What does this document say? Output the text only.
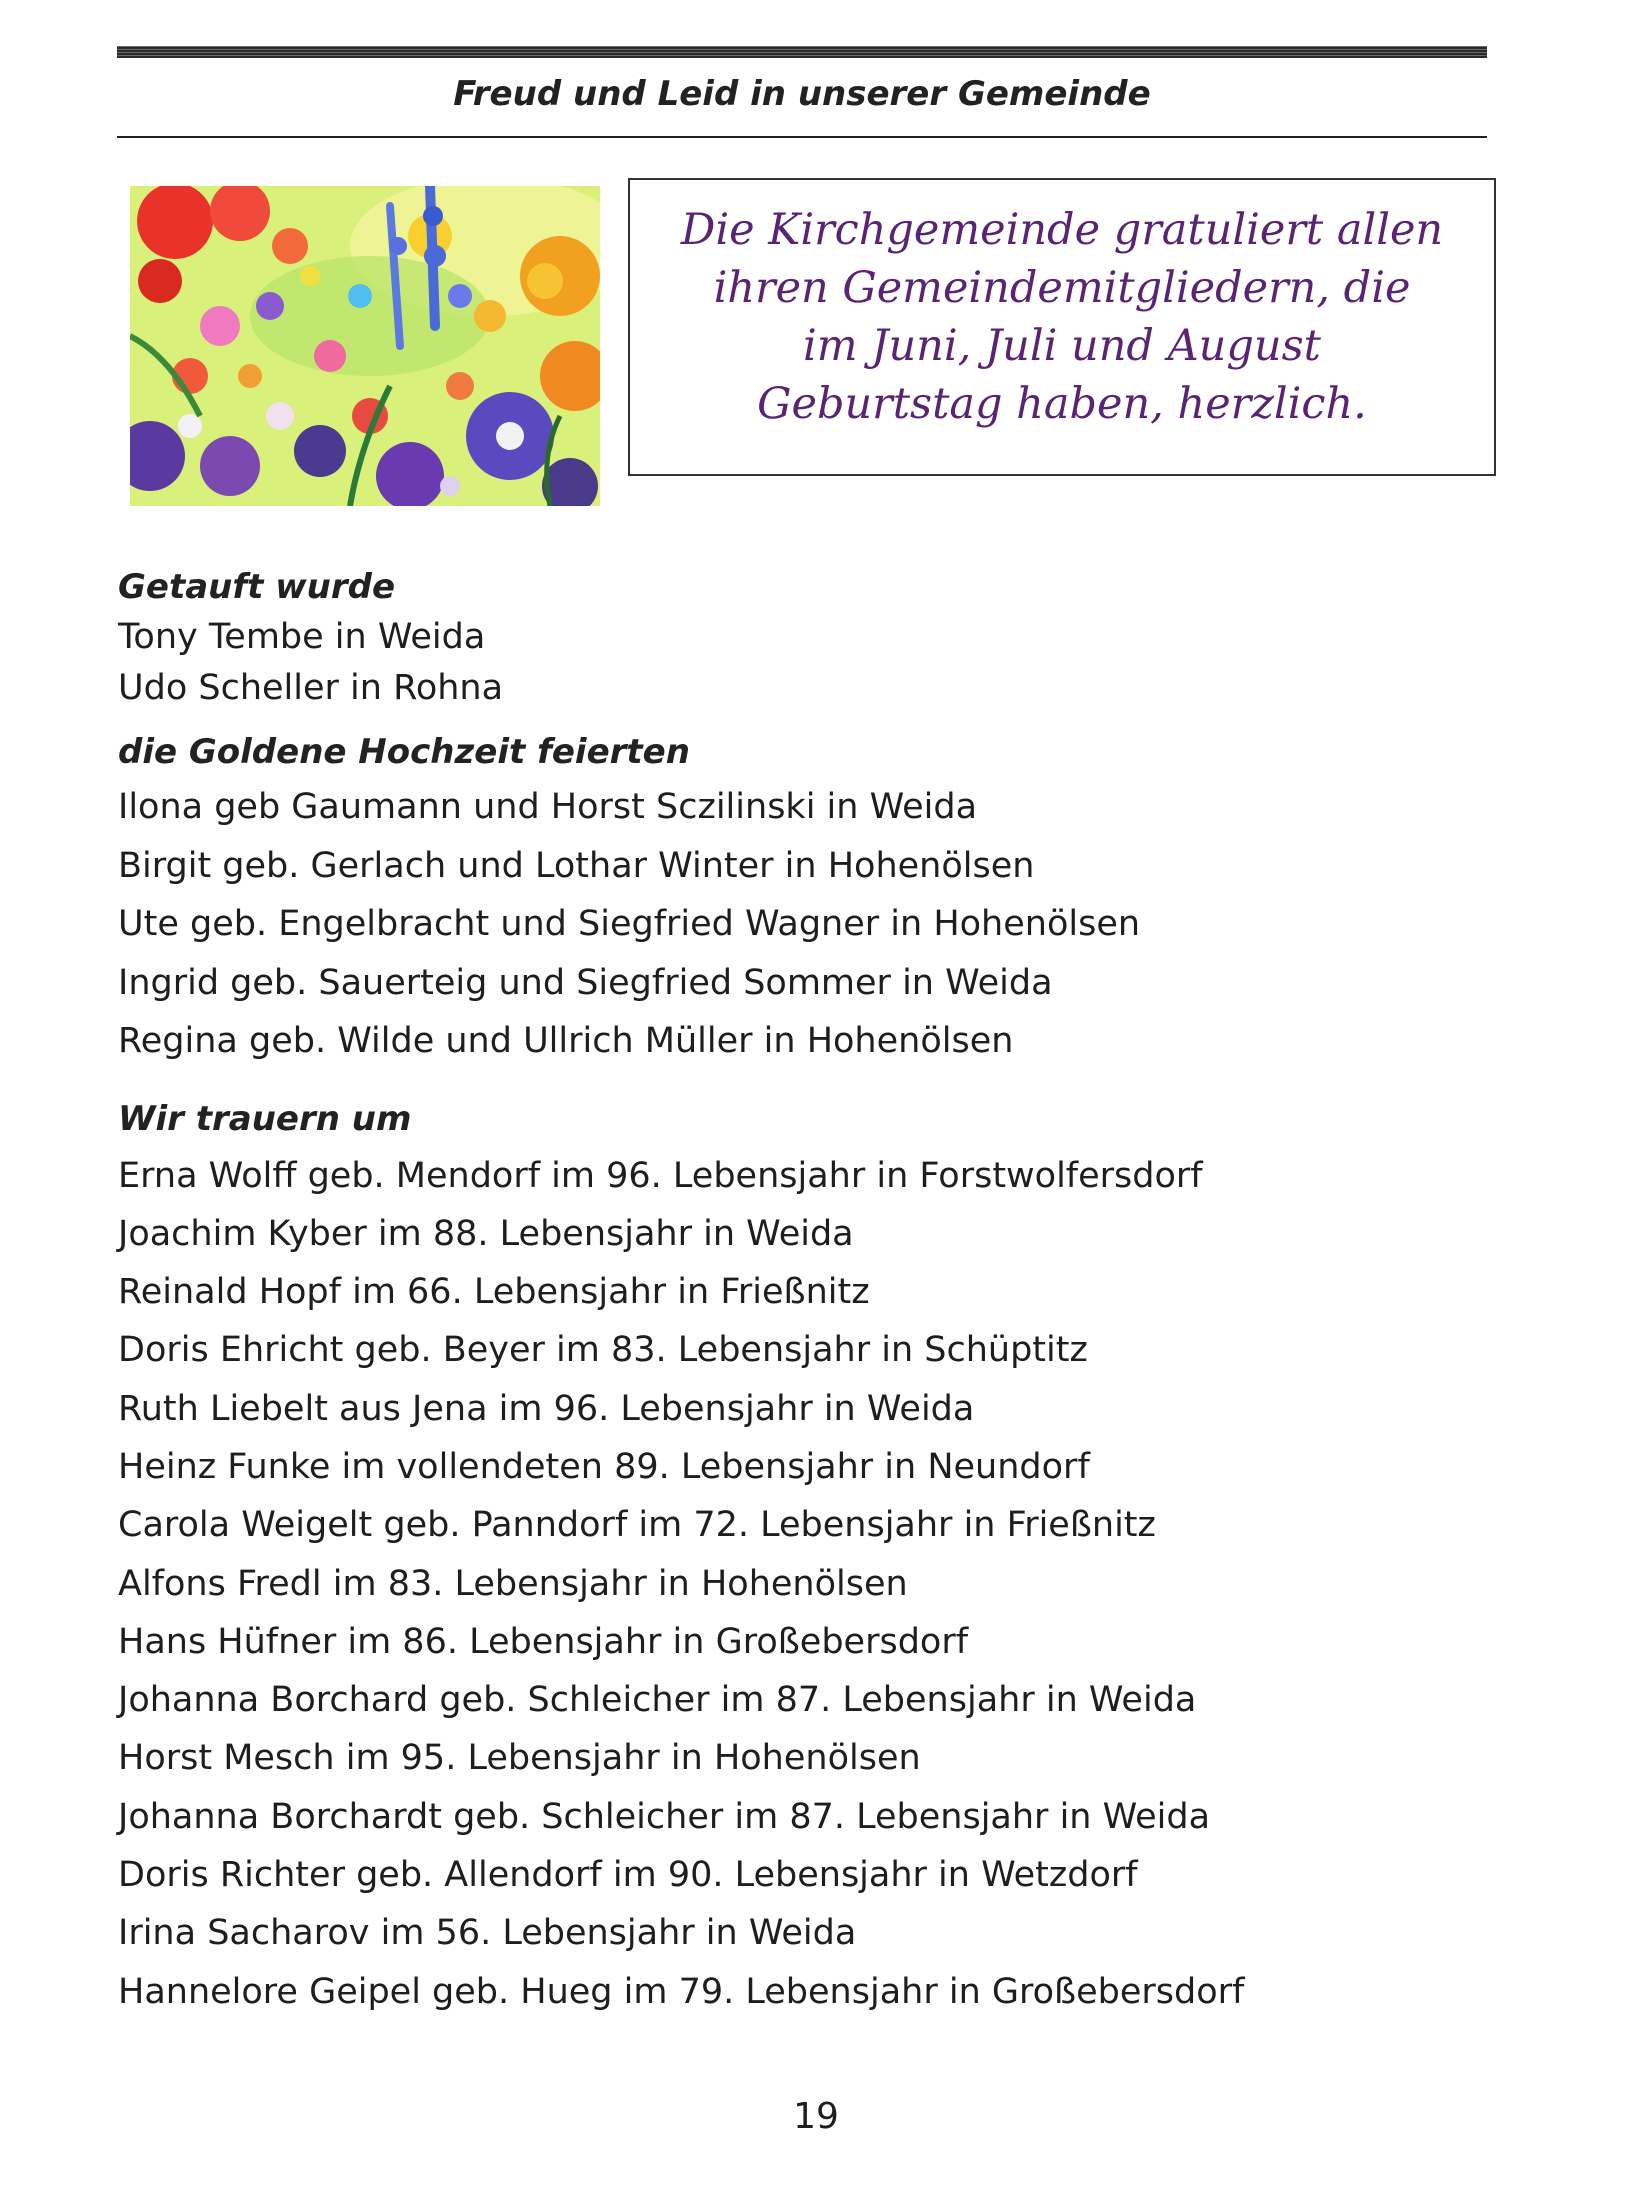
Freud und Leid in unserer Gemeinde
Die Kirchgemeinde gratuliert allen
ihren Gemeindemitgliedern, die
im Juni, Juli und August
Geburtstag haben, herzlich.

Getauft wurde

Tony Tembe in Weida

Udo Scheller in Rohna

die Goldene Hochzeit feierten

Ilona geb Gaumann und Horst Sczilinski in Weida

Birgit geb. Gerlach und Lothar Winter in Hohenölsen

Ute geb. Engelbracht und Siegfried Wagner in Hohenölsen

Ingrid geb. Sauerteig und Siegfried Sommer in Weida

Regina geb. Wilde und Ullrich Müller in Hohenölsen

Wir trauern um

Erna Wolff geb. Mendorf im 96. Lebensjahr in Forstwolfersdorf

Joachim Kyber im 88. Lebensjahr in Weida

Reinald Hopf im 66. Lebensjahr in Frießnitz

Doris Ehricht geb. Beyer im 83. Lebensjahr in Schüptitz

Ruth Liebelt aus Jena im 96. Lebensjahr in Weida

Heinz Funke im vollendeten 89. Lebensjahr in Neundorf

Carola Weigelt geb. Panndorf im 72. Lebensjahr in Frießnitz

Alfons Fredl im 83. Lebensjahr in Hohenölsen

Hans Hüfner im 86. Lebensjahr in Großebersdorf

Johanna Borchard geb. Schleicher im 87. Lebensjahr in Weida

Horst Mesch im 95. Lebensjahr in Hohenölsen

Johanna Borchardt geb. Schleicher im 87. Lebensjahr in Weida

Doris Richter geb. Allendorf im 90. Lebensjahr in Wetzdorf

Irina Sacharov im 56. Lebensjahr in Weida

Hannelore Geipel geb. Hueg im 79. Lebensjahr in Großebersdorf

19
